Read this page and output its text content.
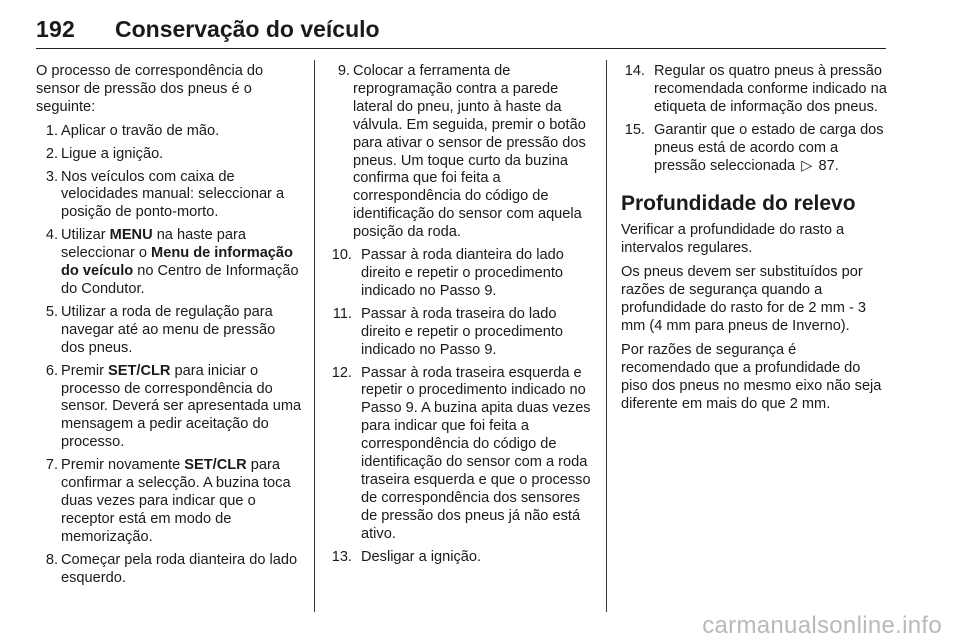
192 Conservação do veículo

O processo de correspondência do sensor de pressão dos pneus é o seguinte:

1. Aplicar o travão de mão.
2. Ligue a ignição.
3. Nos veículos com caixa de velocidades manual: seleccionar a posição de ponto-morto.
4. Utilizar MENU na haste para seleccionar o Menu de informação do veículo no Centro de Informação do Condutor.
5. Utilizar a roda de regulação para navegar até ao menu de pressão dos pneus.
6. Premir SET/CLR para iniciar o processo de correspondência do sensor. Deverá ser apresentada uma mensagem a pedir aceitação do processo.
7. Premir novamente SET/CLR para confirmar a selecção. A buzina toca duas vezes para indicar que o receptor está em modo de memorização.
8. Começar pela roda dianteira do lado esquerdo.
9. Colocar a ferramenta de reprogramação contra a parede lateral do pneu, junto à haste da válvula. Em seguida, premir o botão para ativar o sensor de pressão dos pneus. Um toque curto da buzina confirma que foi feita a correspondência do código de identificação do sensor com aquela posição da roda.
10. Passar à roda dianteira do lado direito e repetir o procedimento indicado no Passo 9.
11. Passar à roda traseira do lado direito e repetir o procedimento indicado no Passo 9.
12. Passar à roda traseira esquerda e repetir o procedimento indicado no Passo 9. A buzina apita duas vezes para indicar que foi feita a correspondência do código de identificação do sensor com a roda traseira esquerda e que o processo de correspondência dos sensores de pressão dos pneus já não está ativo.
13. Desligar a ignição.
14. Regular os quatro pneus à pressão recomendada conforme indicado na etiqueta de informação dos pneus.
15. Garantir que o estado de carga dos pneus está de acordo com a pressão seleccionada ▷ 87.
Profundidade do relevo

Verificar a profundidade do rasto a intervalos regulares.

Os pneus devem ser substituídos por razões de segurança quando a profundidade do rasto for de 2 mm - 3 mm (4 mm para pneus de Inverno).

Por razões de segurança é recomendado que a profundidade do piso dos pneus no mesmo eixo não seja diferente em mais do que 2 mm.

carmanualsonline.info
